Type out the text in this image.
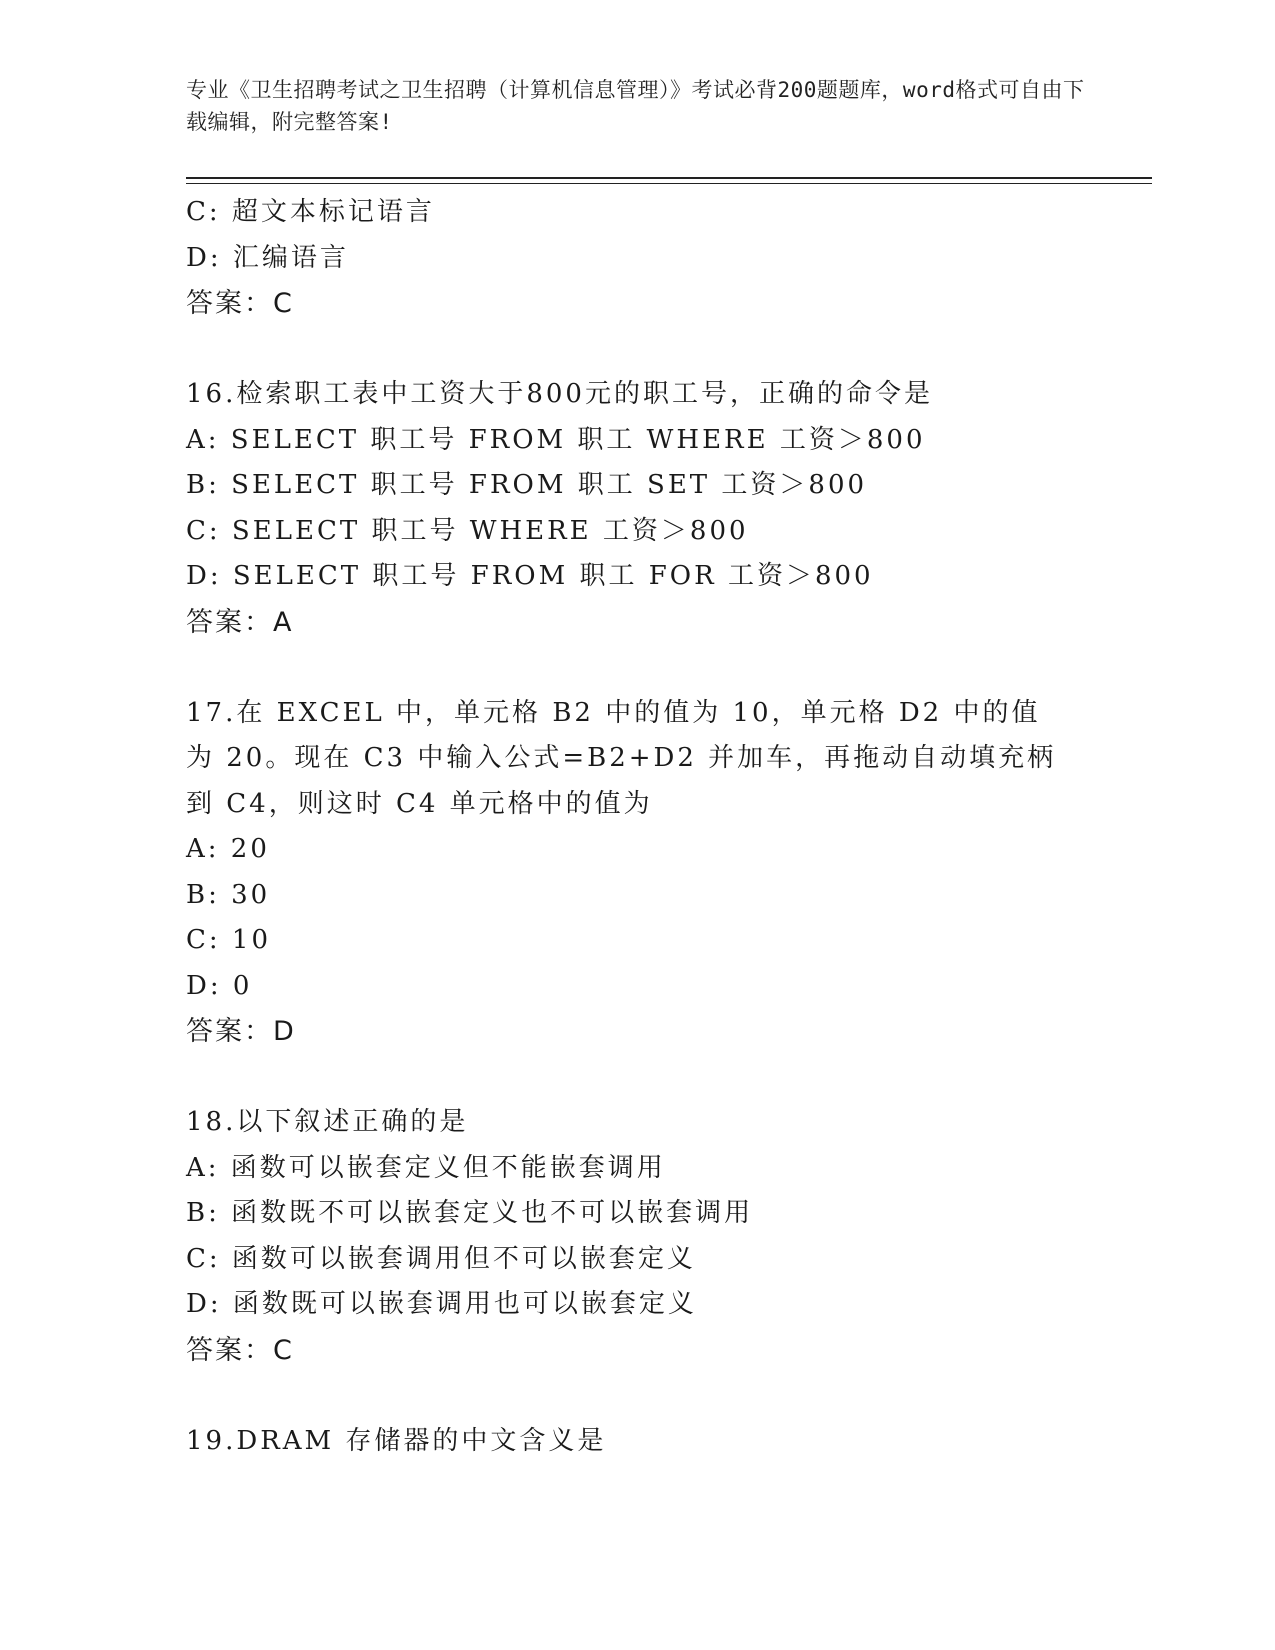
专业《卫生招聘考试之卫生招聘（计算机信息管理）》考试必背200题题库，word格式可自由下载编辑，附完整答案!
C: 超文本标记语言
D: 汇编语言
答案：C
16.检索职工表中工资大于800元的职工号，正确的命令是
A: SELECT 职工号 FROM 职工 WHERE 工资＞800
B: SELECT 职工号 FROM 职工 SET 工资＞800
C: SELECT 职工号 WHERE 工资＞800
D: SELECT 职工号 FROM 职工 FOR 工资＞800
答案：A
17.在 EXCEL 中，单元格 B2 中的值为 10，单元格 D2 中的值为 20。现在 C3 中输入公式=B2+D2 并加车，再拖动自动填充柄到 C4，则这时 C4 单元格中的值为
A: 20
B: 30
C: 10
D: 0
答案：D
18.以下叙述正确的是
A: 函数可以嵌套定义但不能嵌套调用
B: 函数既不可以嵌套定义也不可以嵌套调用
C: 函数可以嵌套调用但不可以嵌套定义
D: 函数既可以嵌套调用也可以嵌套定义
答案：C
19.DRAM 存储器的中文含义是
